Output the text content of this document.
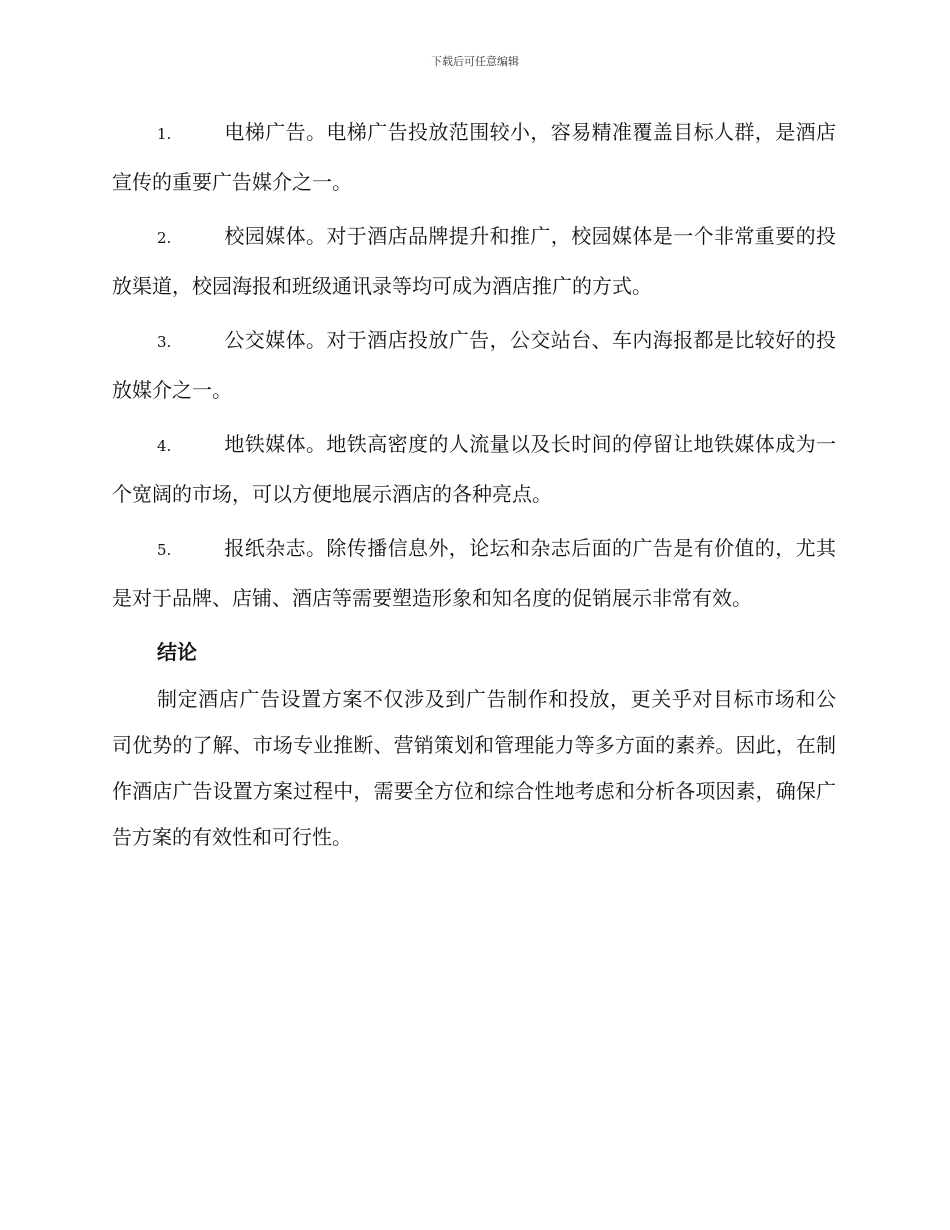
下载后可任意编辑

1.	电梯广告。电梯广告投放范围较小，容易精准覆盖目标人群，是酒店宣传的重要广告媒介之一。

2.	校园媒体。对于酒店品牌提升和推广，校园媒体是一个非常重要的投放渠道，校园海报和班级通讯录等均可成为酒店推广的方式。

3.	公交媒体。对于酒店投放广告，公交站台、车内海报都是比较好的投放媒介之一。

4.	地铁媒体。地铁高密度的人流量以及长时间的停留让地铁媒体成为一个宽阔的市场，可以方便地展示酒店的各种亮点。

5.	报纸杂志。除传播信息外，论坛和杂志后面的广告是有价值的，尤其是对于品牌、店铺、酒店等需要塑造形象和知名度的促销展示非常有效。

结论

制定酒店广告设置方案不仅涉及到广告制作和投放，更关乎对目标市场和公司优势的了解、市场专业推断、营销策划和管理能力等多方面的素养。因此，在制作酒店广告设置方案过程中，需要全方位和综合性地考虑和分析各项因素，确保广告方案的有效性和可行性。
